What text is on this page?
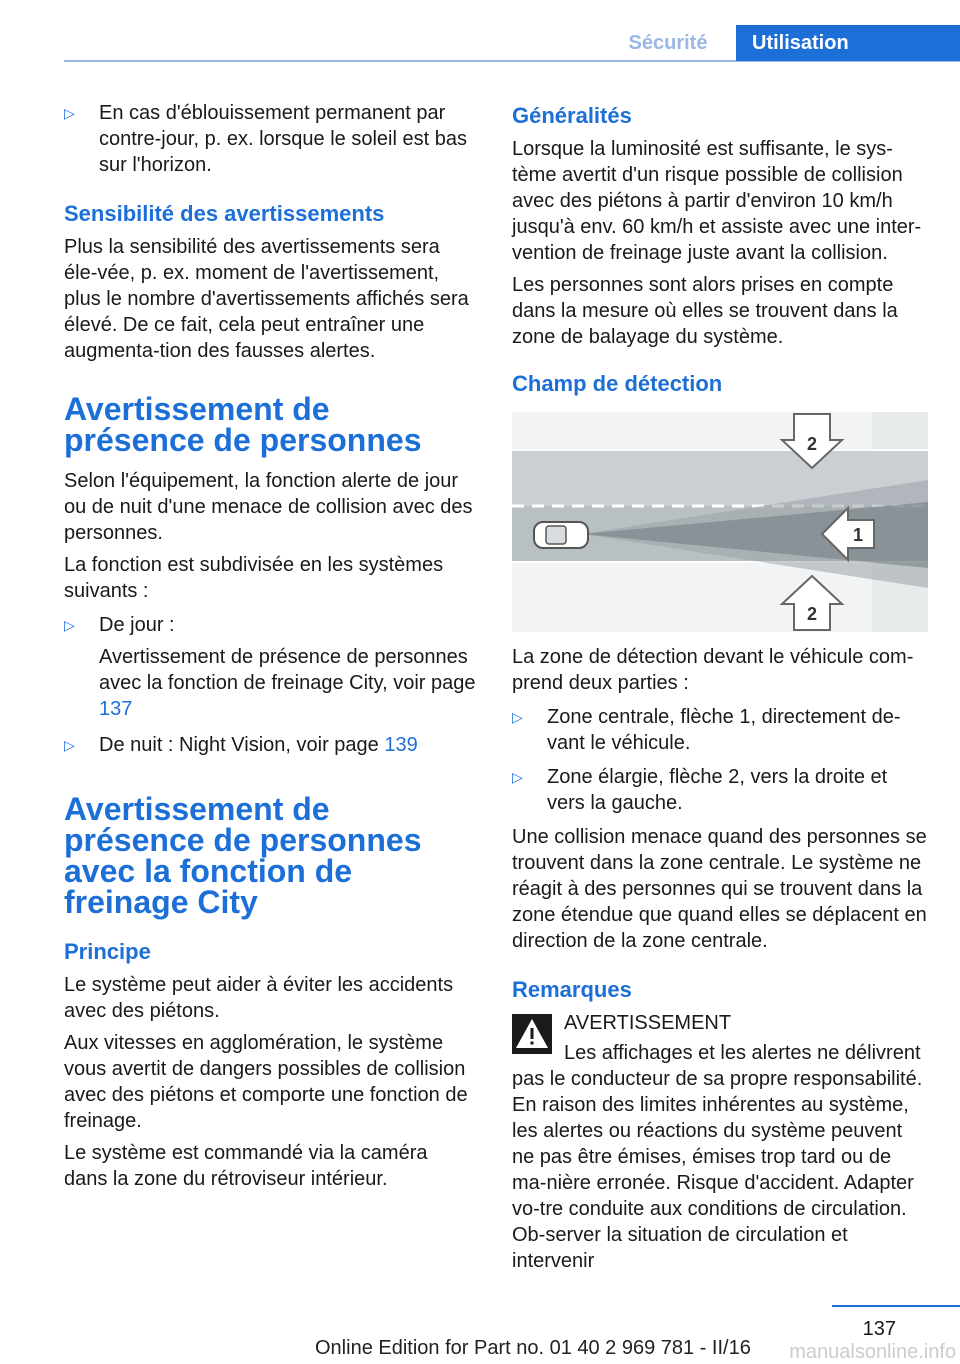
Sécurité	Utilisation
▷ En cas d'éblouissement permanent par contre-jour, p. ex. lorsque le soleil est bas sur l'horizon.
Sensibilité des avertissements

Plus la sensibilité des avertissements sera éle-vée, p. ex. moment de l'avertissement, plus le nombre d'avertissements affichés sera élevé. De ce fait, cela peut entraîner une augmenta-tion des fausses alertes.

Avertissement de présence de personnes

Selon l'équipement, la fonction alerte de jour ou de nuit d'une menace de collision avec des personnes.

La fonction est subdivisée en les systèmes suivants :

▷ De jour :

Avertissement de présence de personnes avec la fonction de freinage City, voir page 137

▷ De nuit : Night Vision, voir page 139
Avertissement de présence de personnes avec la fonction de freinage City
Principe

Le système peut aider à éviter les accidents avec des piétons.

Aux vitesses en agglomération, le système vous avertit de dangers possibles de collision avec des piétons et comporte une fonction de freinage.

Le système est commandé via la caméra dans la zone du rétroviseur intérieur.

Généralités

Lorsque la luminosité est suffisante, le sys-tème avertit d'un risque possible de collision avec des piétons à partir d'environ 10 km/h jusqu'à env. 60 km/h et assiste avec une inter-vention de freinage juste avant la collision.

Les personnes sont alors prises en compte dans la mesure où elles se trouvent dans la zone de balayage du système.

Champ de détection
2
1
2

La zone de détection devant le véhicule com-prend deux parties :

▷ Zone centrale, flèche 1, directement de-vant le véhicule.
▷ Zone élargie, flèche 2, vers la droite et vers la gauche.

Une collision menace quand des personnes se trouvent dans la zone centrale. Le système ne réagit à des personnes qui se trouvent dans la zone étendue que quand elles se déplacent en direction de la zone centrale.

Remarques
AVERTISSEMENT

Les affichages et les alertes ne délivrent pas le conducteur de sa propre responsabilité. En raison des limites inhérentes au système, les alertes ou réactions du système peuvent ne pas être émises, émises trop tard ou de ma-nière erronée. Risque d'accident. Adapter vo-tre conduite aux conditions de circulation. Ob-server la situation de circulation et intervenir

137
Online Edition for Part no. 01 40 2 969 781 - II/16 manualsonline.info
